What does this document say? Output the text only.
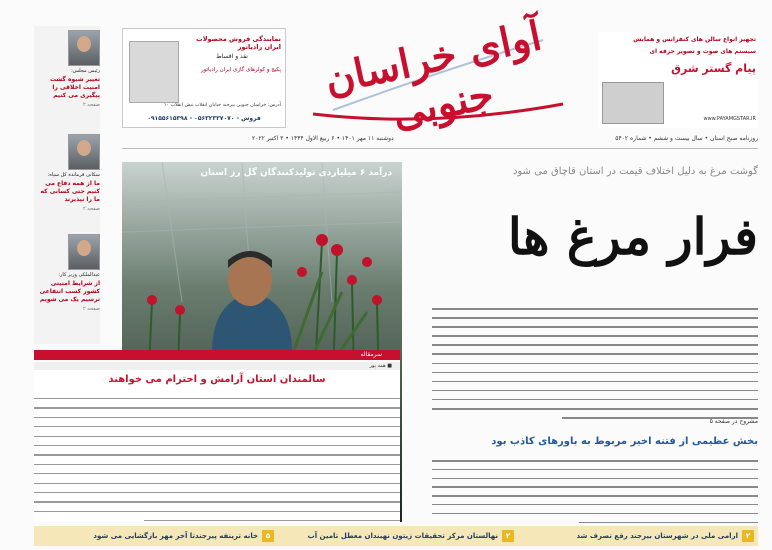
رئیس مجلس:
تغییر شیوه گشت امنیت اخلاقی را پیگیری می کنیم
صفحه ۲
سکانی فرمانده کل سپاه:
ما از همه دفاع می کنیم حتی کسانی که ما را نپذیرند
صفحه ۲
عبدالملکی وزیر کار:
از شرایط امنیتی کشور کسب انتفاعی ترسیم یک می شویم
صفحه ۲
نمایندگی فروش محصولات ایران رادیاتور
نقد و اقساط
پکیج و کولرهای گازی ایران رادیاتور
آدرس: خراسان جنوبی بیرجند خیابان انقلاب نبش انقلاب ۱۰
۰۹۱۵۵۶۱۵۳۹۸ - ۰۵۶۳۲۳۳۷۰۷۰ - فروش
آوای خراسان جنوبی
تجهیز انواع سالن های کنفرانس و همایش
سیستم های صوت و تصویر حرفه ای
پیام گستر شرق
www.PAYAMGSTAR.IR
روزنامه صبح استان • سال بیست و ششم • شماره ۵۴۰۲
دوشنبه ۱۱ مهر ۱۴۰۱ • ۶ ربیع الاول ۱۴۴۴ • ۳ اکتبر ۲۰۲۲
گوشت مرغ به دلیل اختلاف قیمت در استان قاچاق می شود
فرار مرغ ها
مشروح در صفحه ۵
بخش عظیمی از فتنه اخیر مربوط به باورهای کاذب بود
درآمد ۶ میلیاردی تولیدکنندگان گل رز استان
سرمقاله
■ همه پور
سالمندان استان آرامش و احترام می خواهند
۲ارامی ملی در شهرستان بیرجند رفع تصرف شد
۲نهالستان مرکز تحقیقات زیتون نهبندان معطل تامین آب
۵خانه ترینفه پیرجندتا آخر مهر بازگشایی می شود
